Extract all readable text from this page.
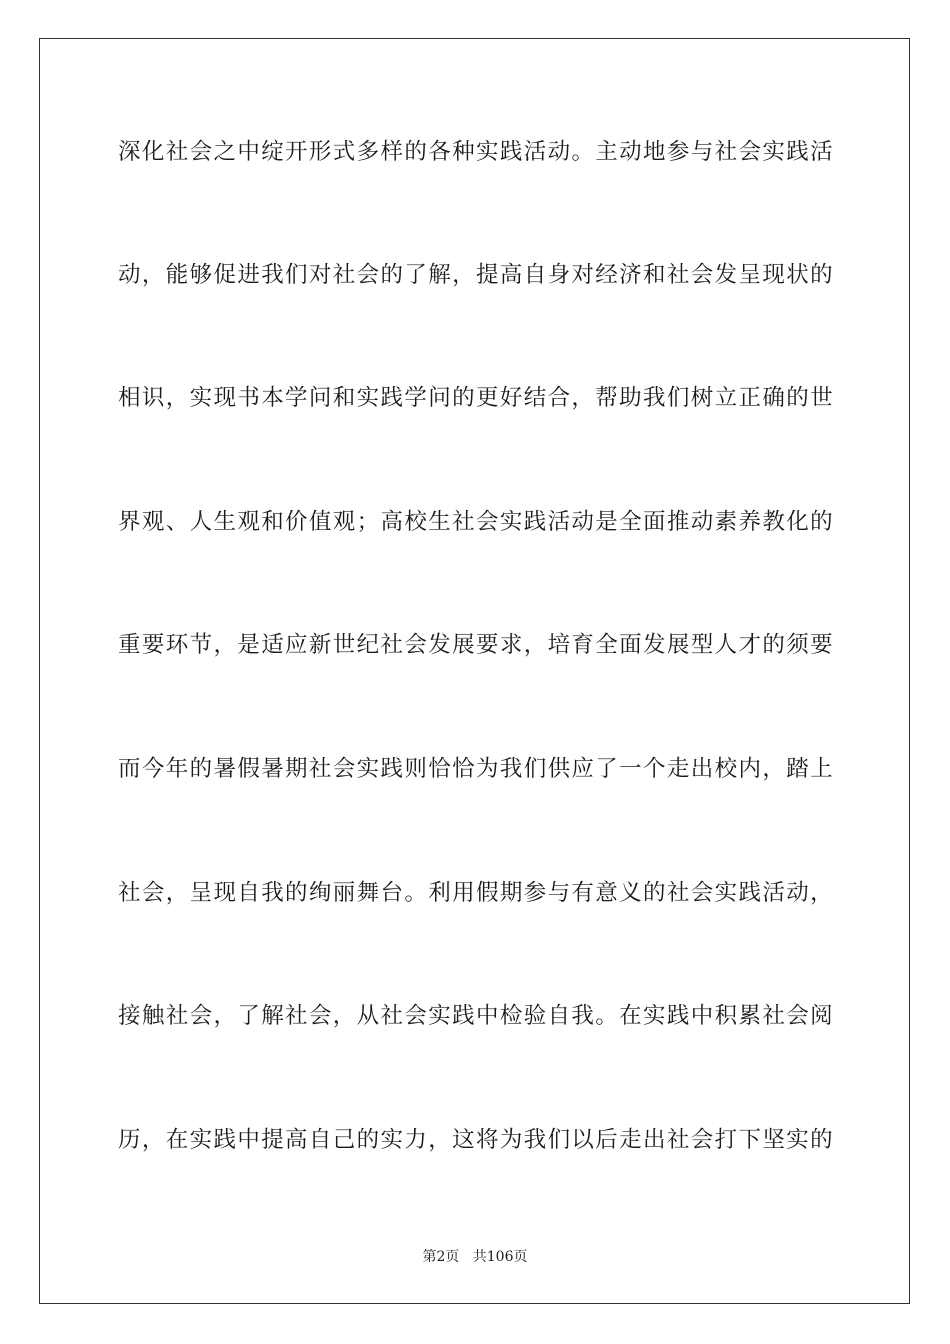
深化社会之中绽开形式多样的各种实践活动。主动地参与社会实践活
动，能够促进我们对社会的了解，提高自身对经济和社会发呈现状的
相识，实现书本学问和实践学问的更好结合，帮助我们树立正确的世
界观、人生观和价值观；高校生社会实践活动是全面推动素养教化的
重要环节，是适应新世纪社会发展要求，培育全面发展型人才的须要
而今年的暑假暑期社会实践则恰恰为我们供应了一个走出校内，踏上
社会，呈现自我的绚丽舞台。利用假期参与有意义的社会实践活动，
接触社会，了解社会，从社会实践中检验自我。在实践中积累社会阅
历，在实践中提高自己的实力，这将为我们以后走出社会打下坚实的
第2页   共106页
